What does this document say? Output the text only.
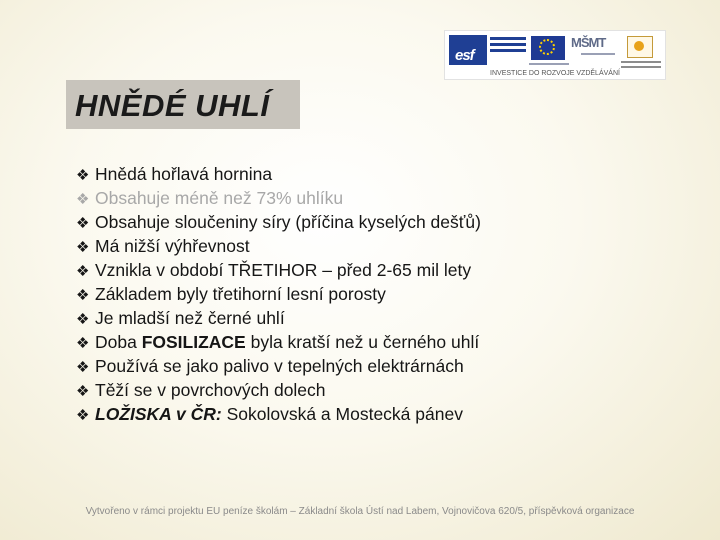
esf
MŠMT
INVESTICE DO ROZVOJE VZDĚLÁVÁNÍ
HNĚDÉ UHLÍ
❖ Hnědá hořlavá hornina
❖ Obsahuje méně než 73% uhlíku
❖ Obsahuje sloučeniny síry (příčina kyselých dešťů)
❖ Má nižší výhřevnost
❖ Vznikla v období TŘETIHOR – před 2-65 mil lety
❖ Základem byly třetihorní lesní porosty
❖ Je mladší než černé uhlí
❖ Doba FOSILIZACE byla kratší než u černého uhlí
❖ Používá se jako palivo v tepelných elektrárnách
❖ Těží se v povrchových dolech
❖ LOŽISKA v ČR: Sokolovská a Mostecká pánev
Vytvořeno v rámci projektu EU peníze školám – Základní škola Ústí nad Labem, Vojnovičova 620/5, příspěvková organizace
